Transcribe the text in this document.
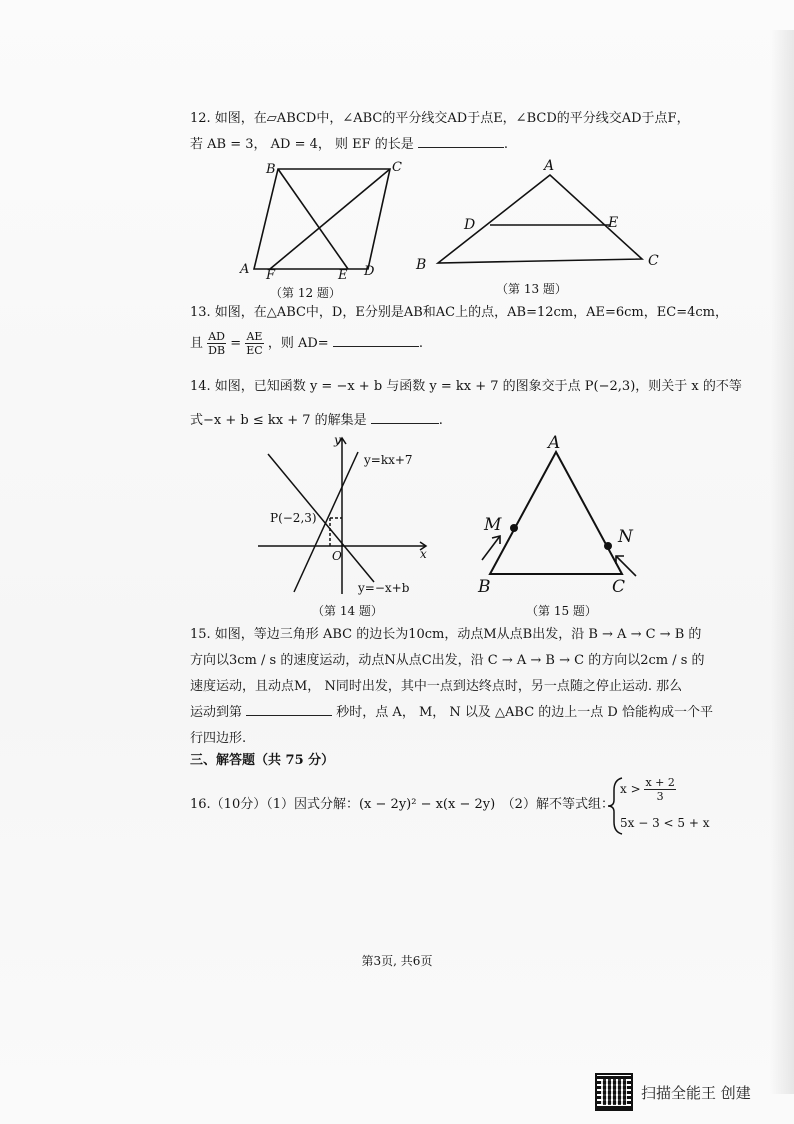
12. 如图，在▱ABCD中，∠ABC的平分线交AD于点E，∠BCD的平分线交AD于点F，
若 AB = 3， AD = 4， 则 EF 的长是	.
B	C
A F	E D
（第 12 题）
A
D	E
B	C
（第 13 题）
13. 如图，在△ABC中，D，E分别是AB和AC上的点，AB=12cm，AE=6cm，EC=4cm，
且 $\frac{AD}{DB} = \frac{AE}{EC}$ ，则 AD=	.
14. 如图，已知函数 y = −x + b 与函数 y = kx + 7 的图象交于点 P(−2,3)，则关于 x 的不等
式−x + b ≤ kx + 7 的解集是	.
y
x
O
P(−2,3)
y=kx+7
y=−x+b
（第 14 题）
A
B	C
M
N
（第 15 题）
15. 如图，等边三角形 ABC 的边长为10cm，动点M从点B出发，沿 B → A → C → B 的
方向以3cm / s 的速度运动，动点N从点C出发，沿 C → A → B → C 的方向以2cm / s 的
速度运动，且动点M， N同时出发，其中一点到达终点时，另一点随之停止运动. 那么
运动到第	秒时，点 A， M， N 以及 △ABC 的边上一点 D 恰能构成一个平
行四边形.
三、解答题（共 75 分）
16.（10分）（1）因式分解：(x − 2y)² − x(x − 2y)　（2）解不等式组：
$x > \frac{x + 2}{3}$
5x − 3 < 5 + x
第3页, 共6页
扫描全能王 创建
